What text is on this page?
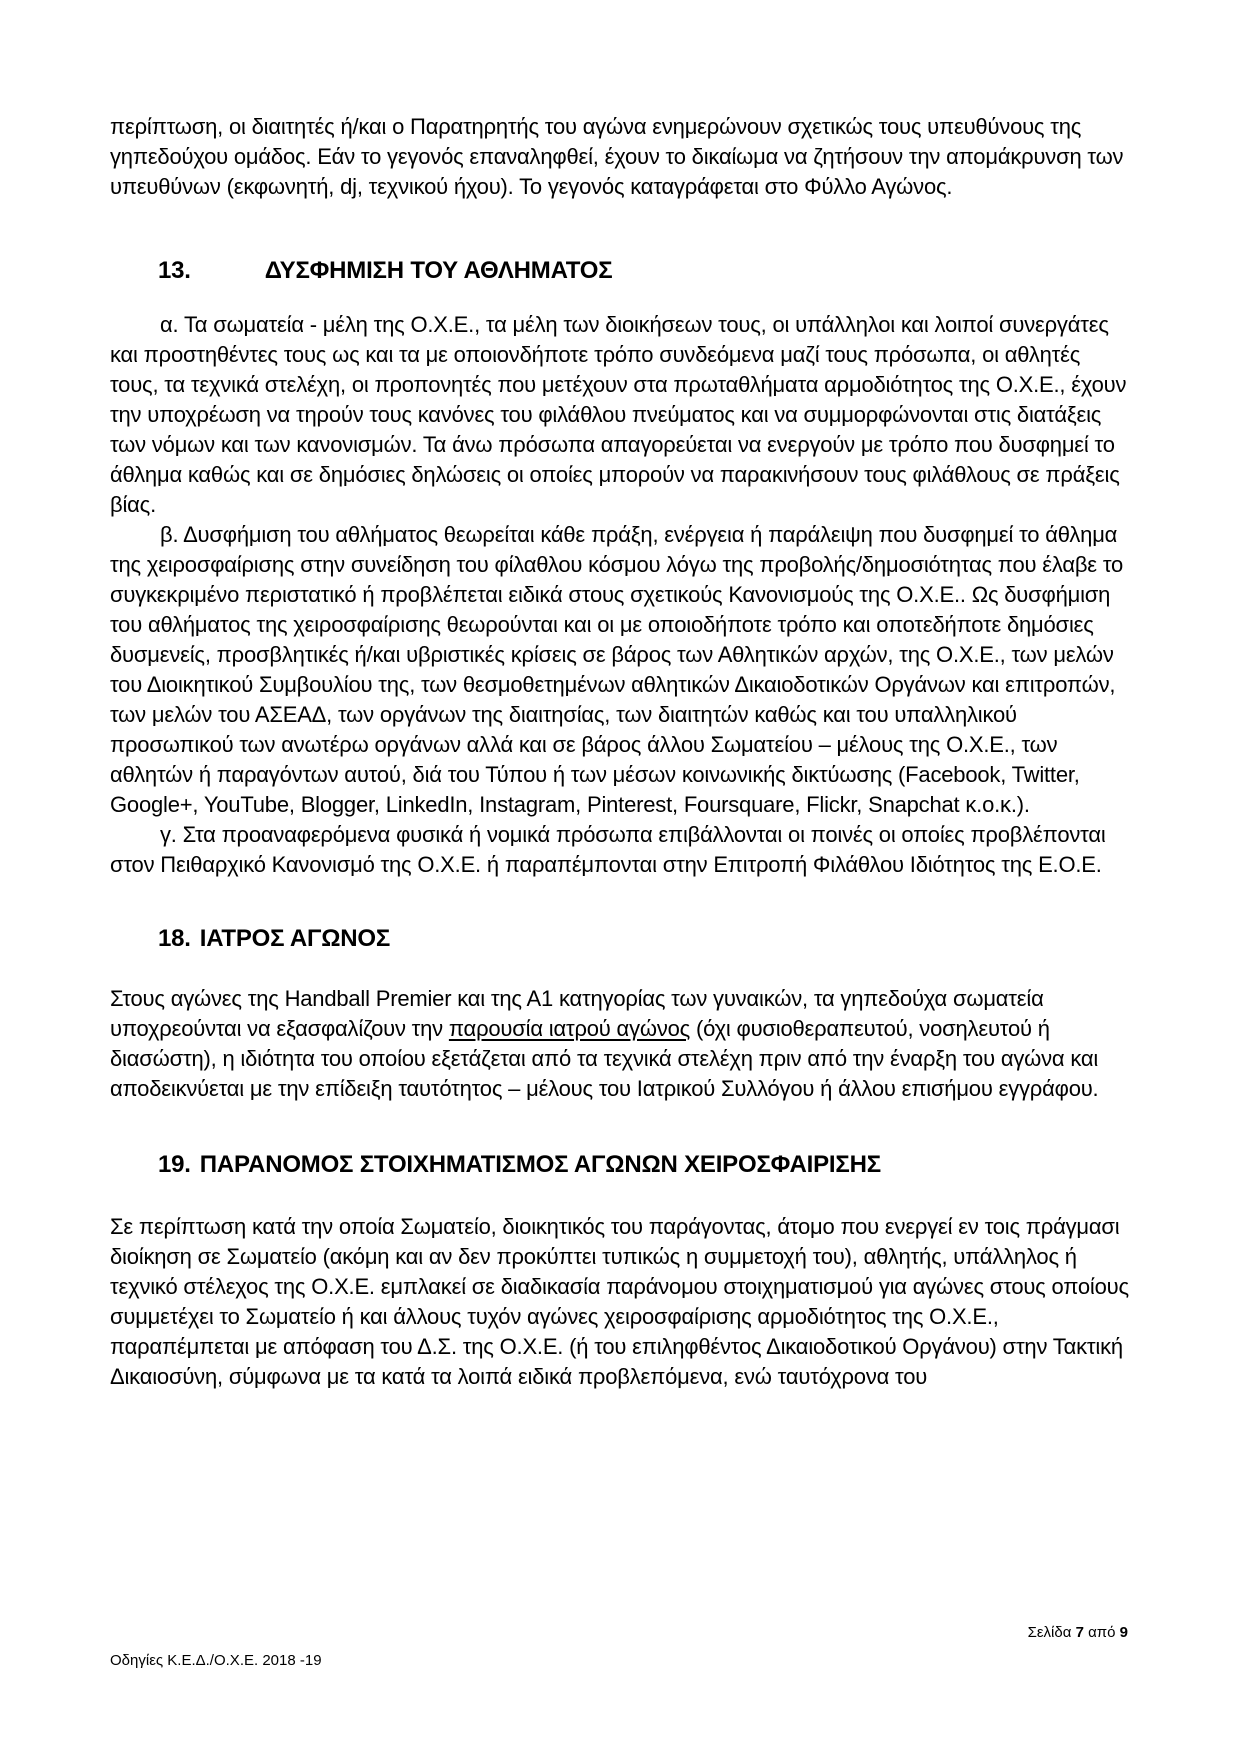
περίπτωση, οι διαιτητές ή/και ο Παρατηρητής του αγώνα ενημερώνουν σχετικώς τους υπευθύνους της γηπεδούχου ομάδος. Εάν το γεγονός επαναληφθεί, έχουν το δικαίωμα να ζητήσουν την απομάκρυνση των υπευθύνων (εκφωνητή, dj, τεχνικού ήχου). Το γεγονός καταγράφεται στο Φύλλο Αγώνος.

13.	ΔΥΣΦΗΜΙΣΗ ΤΟΥ ΑΘΛΗΜΑΤΟΣ

α. Τα σωματεία - μέλη της Ο.Χ.Ε., τα μέλη των διοικήσεων τους, οι υπάλληλοι και λοιποί συνεργάτες και προστηθέντες τους ως και τα με οποιονδήποτε τρόπο συνδεόμενα μαζί τους πρόσωπα, οι αθλητές τους, τα τεχνικά στελέχη, οι προπονητές που μετέχουν στα πρωταθλήματα αρμοδιότητος της Ο.Χ.Ε., έχουν την υποχρέωση να τηρούν τους κανόνες του φιλάθλου πνεύματος και να συμμορφώνονται στις διατάξεις των νόμων και των κανονισμών. Τα άνω πρόσωπα απαγορεύεται να ενεργούν με τρόπο που δυσφημεί το άθλημα καθώς και σε δημόσιες δηλώσεις οι οποίες μπορούν να παρακινήσουν τους φιλάθλους σε πράξεις βίας.

β. Δυσφήμιση του αθλήματος θεωρείται κάθε πράξη, ενέργεια ή παράλειψη που δυσφημεί το άθλημα της χειροσφαίρισης στην συνείδηση του φίλαθλου κόσμου λόγω της προβολής/δημοσιότητας που έλαβε το συγκεκριμένο περιστατικό ή προβλέπεται ειδικά στους σχετικούς Κανονισμούς της Ο.Χ.Ε.. Ως δυσφήμιση του αθλήματος της χειροσφαίρισης θεωρούνται και οι με οποιοδήποτε τρόπο και οποτεδήποτε δημόσιες δυσμενείς, προσβλητικές ή/και υβριστικές κρίσεις σε βάρος των Αθλητικών αρχών, της Ο.Χ.Ε., των μελών του Διοικητικού Συμβουλίου της, των θεσμοθετημένων αθλητικών Δικαιοδοτικών Οργάνων και επιτροπών, των μελών του ΑΣΕΑΔ, των οργάνων της διαιτησίας, των διαιτητών καθώς και του υπαλληλικού προσωπικού των ανωτέρω οργάνων αλλά και σε βάρος άλλου Σωματείου – μέλους της Ο.Χ.Ε., των αθλητών ή παραγόντων αυτού, διά του Τύπου ή των μέσων κοινωνικής δικτύωσης (Facebook, Twitter, Google+, YouTube, Blogger, LinkedIn, Instagram, Pinterest, Foursquare, Flickr, Snapchat κ.ο.κ.).

γ. Στα προαναφερόμενα φυσικά ή νομικά πρόσωπα επιβάλλονται οι ποινές οι οποίες προβλέπονται στον Πειθαρχικό Κανονισμό της Ο.Χ.Ε. ή παραπέμπονται στην Επιτροπή Φιλάθλου Ιδιότητος της Ε.Ο.Ε.

18. ΙΑΤΡΟΣ ΑΓΩΝΟΣ

Στους αγώνες της Handball Premier και της Α1 κατηγορίας των γυναικών, τα γηπεδούχα σωματεία υποχρεούνται να εξασφαλίζουν την παρουσία ιατρού αγώνος (όχι φυσιοθεραπευτού, νοσηλευτού ή διασώστη), η ιδιότητα του οποίου εξετάζεται από τα τεχνικά στελέχη πριν από την έναρξη του αγώνα και αποδεικνύεται με την επίδειξη ταυτότητος – μέλους του Ιατρικού Συλλόγου ή άλλου επισήμου εγγράφου.

19. ΠΑΡΑΝΟΜΟΣ ΣΤΟΙΧΗΜΑΤΙΣΜΟΣ ΑΓΩΝΩΝ ΧΕΙΡΟΣΦΑΙΡΙΣΗΣ

Σε περίπτωση κατά την οποία Σωματείο, διοικητικός του παράγοντας, άτομο που ενεργεί εν τοις πράγμασι διοίκηση σε Σωματείο (ακόμη και αν δεν προκύπτει τυπικώς η συμμετοχή του), αθλητής, υπάλληλος ή τεχνικό στέλεχος της Ο.Χ.Ε. εμπλακεί σε διαδικασία παράνομου στοιχηματισμού για αγώνες στους οποίους συμμετέχει το Σωματείο ή και άλλους τυχόν αγώνες χειροσφαίρισης αρμοδιότητος της Ο.Χ.Ε., παραπέμπεται με απόφαση του Δ.Σ. της Ο.Χ.Ε. (ή του επιληφθέντος Δικαιοδοτικού Οργάνου) στην Τακτική Δικαιοσύνη, σύμφωνα με τα κατά τα λοιπά ειδικά προβλεπόμενα, ενώ ταυτόχρονα του

Σελίδα 7 από 9
Οδηγίες Κ.Ε.Δ./Ο.Χ.Ε. 2018 -19
